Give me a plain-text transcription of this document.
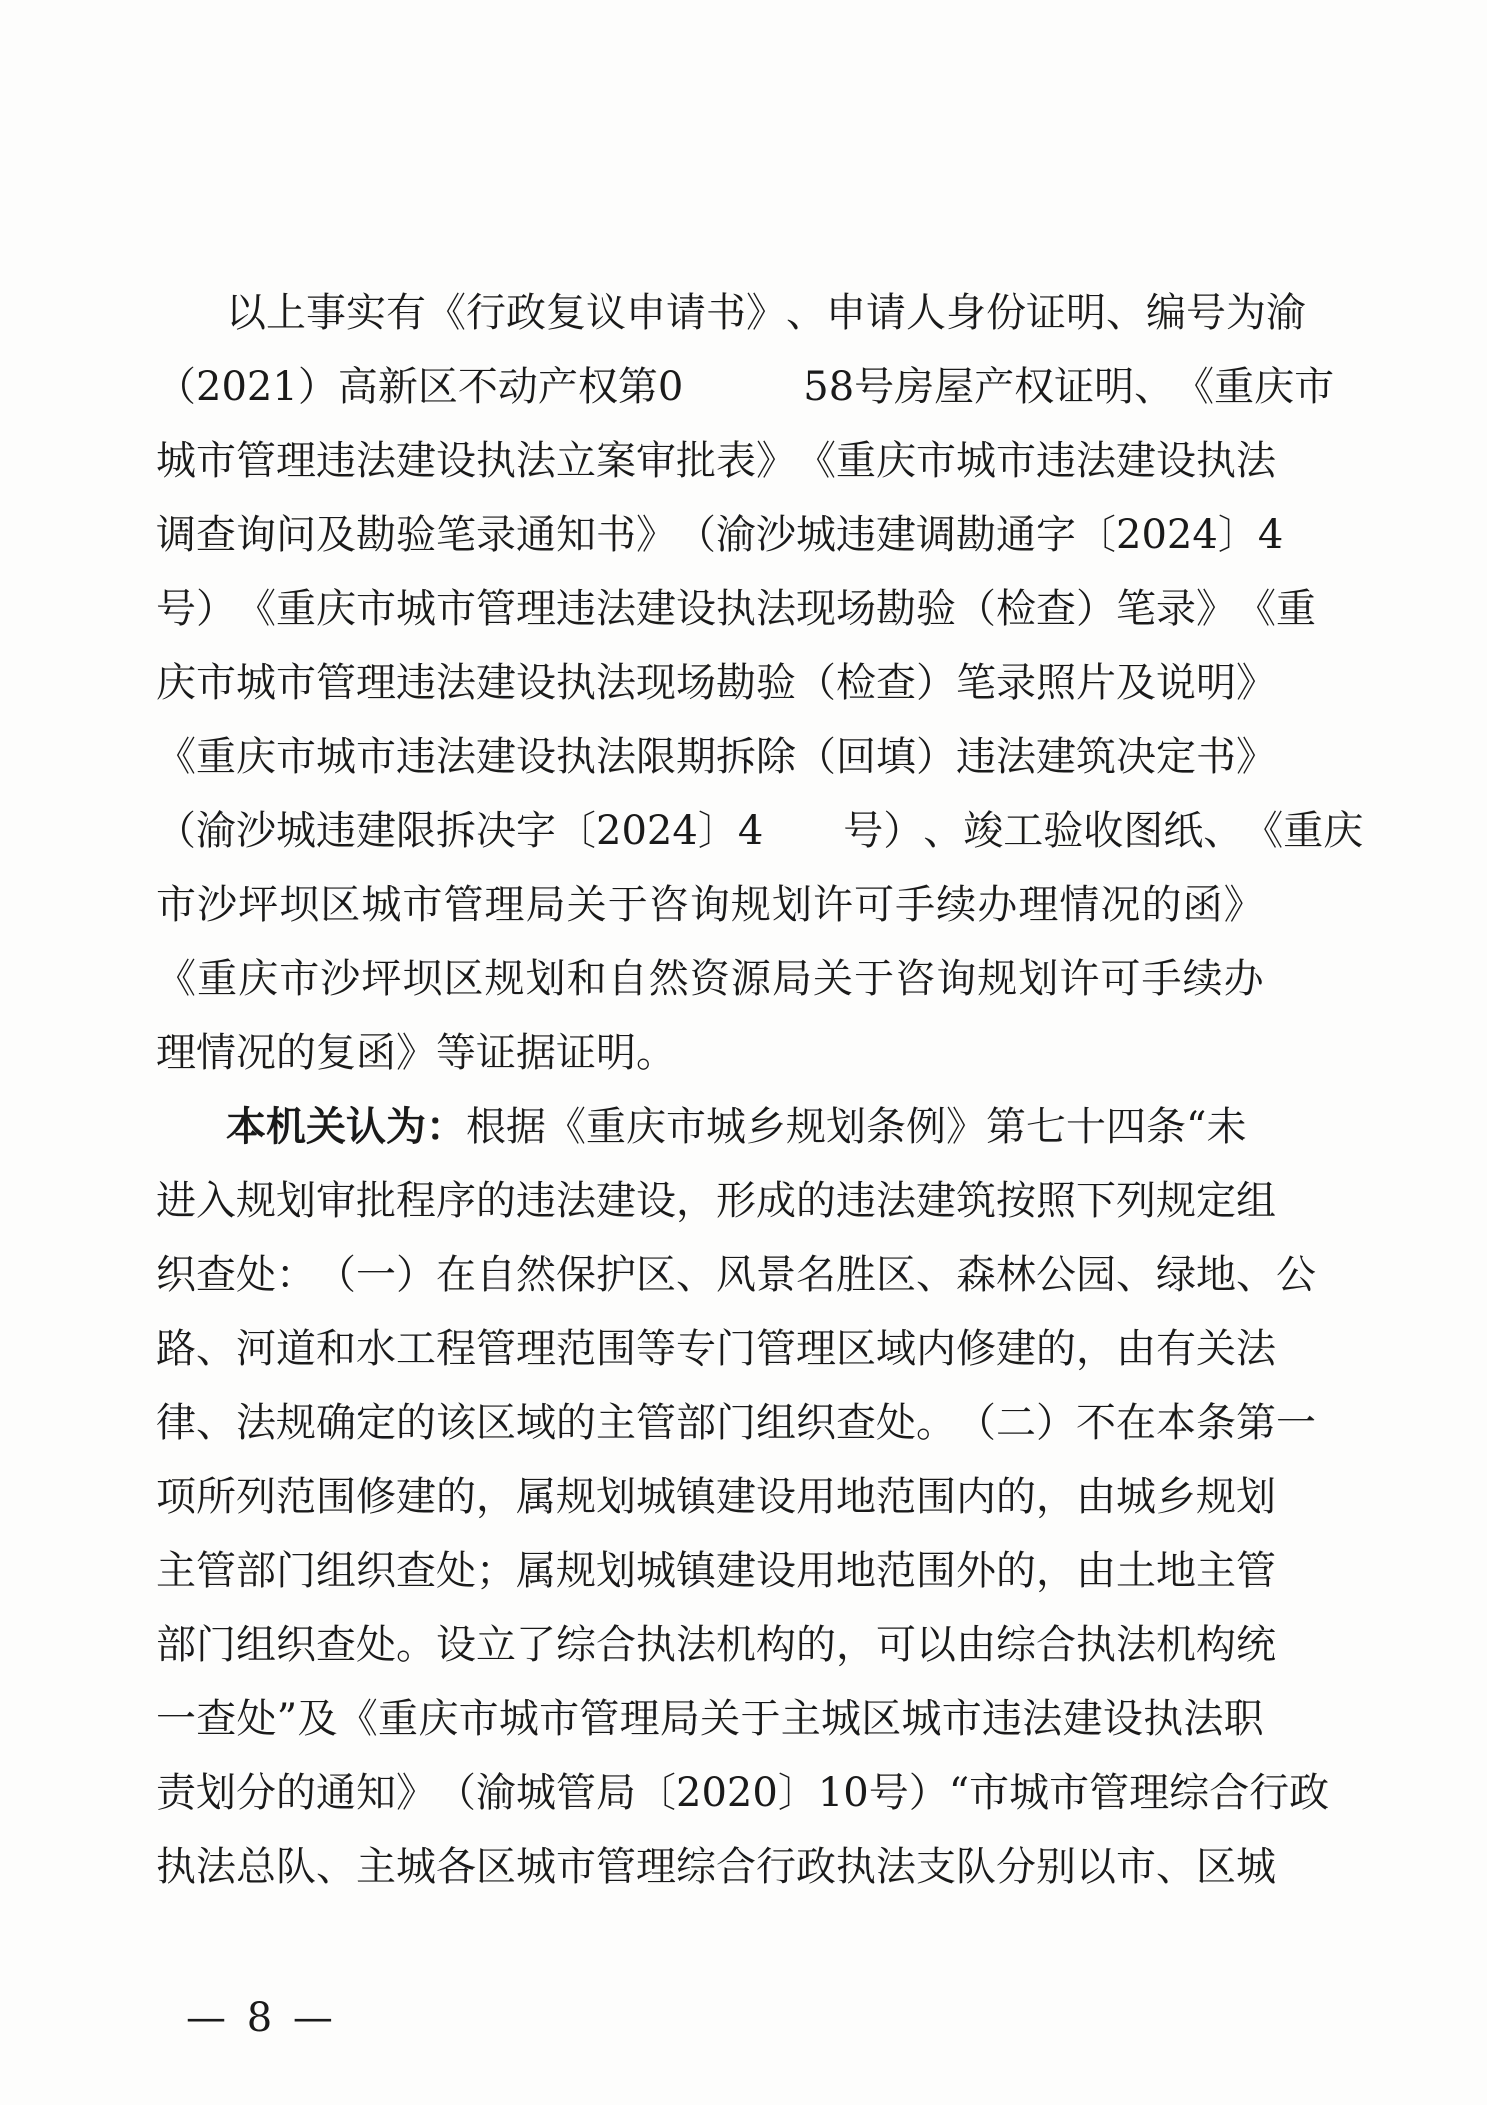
以 上 事 实 有 《 行 政 复 议 申 请 书 》 、 申 请 人 身 份 证 明 、 编 号 为 渝
（ 2 0 2 1 ） 高 新 区 不 动 产 权 第 0

　	5 8 号 房 屋 产 权 证 明 、 《 重 庆 市
城 市 管 理 违 法 建 设 执 法 立 案 审 批 表 》 《 重 庆 市 城 市 违 法 建 设 执 法
调 查 询 问 及 勘 验 笔 录 通 知 书 》 （ 渝 沙 城 违 建 调 勘 通 字 〔 2 0 2 4 〕 4
号 ） 《 重 庆 市 城 市 管 理 违 法 建 设 执 法 现 场 勘 验 （ 检 查 ） 笔 录 》 《 重
庆 市 城 市 管 理 违 法 建 设 执 法 现 场 勘 验 （ 检 查 ） 笔 录 照 片 及 说 明 》
《 重 庆 市 城 市 违 法 建 设 执 法 限 期 拆 除 （ 回 填 ） 违 法 建 筑 决 定 书 》
（ 渝 沙 城 违 建 限 拆 决 字 〔 2 0 2 4 〕 4

　 号 ） 、 竣 工 验 收 图 纸 、 《 重 庆
市 沙 坪 坝 区 城 市 管 理 局 关 于 咨 询 规 划 许 可 手 续 办 理 情 况 的 函 》
《 重 庆 市 沙 坪 坝 区 规 划 和 自 然 资 源 局 关 于 咨 询 规 划 许 可 手 续 办
理情况的复函》等证据证明。
本机关认为： 根据《重庆市城乡规划条例》第七十四条“未
进 入 规 划 审 批 程 序 的 违 法 建 设 ， 形 成 的 违 法 建 筑 按 照 下 列 规 定 组
织 查 处 ： （ 一 ） 在 自 然 保 护 区 、 风 景 名 胜 区 、 森 林 公 园 、 绿 地 、 公
路 、 河 道 和 水 工 程 管 理 范 围 等 专 门 管 理 区 域 内 修 建 的 ， 由 有 关 法
律 、 法 规 确 定 的 该 区 域 的 主 管 部 门 组 织 查 处 。 （ 二 ） 不 在 本 条 第 一
项 所 列 范 围 修 建 的 ， 属 规 划 城 镇 建 设 用 地 范 围 内 的 ， 由 城 乡 规 划
主 管 部 门 组 织 查 处 ； 属 规 划 城 镇 建 设 用 地 范 围 外 的 ， 由 土 地 主 管
部 门 组 织 查 处 。 设 立 了 综 合 执 法 机 构 的 ， 可 以 由 综 合 执 法 机 构 统
一 查 处 ” 及 《 重 庆 市 城 市 管 理 局 关 于 主 城 区 城 市 违 法 建 设 执 法 职
责 划 分 的 通 知 》 （ 渝 城 管 局 〔 2 0 2 0 〕 1 0 号 ） “ 市 城 市 管 理 综 合 行 政
执 法 总 队 、 主 城 各 区 城 市 管 理 综 合 行 政 执 法 支 队 分 别 以 市 、 区 城
— 8 —
